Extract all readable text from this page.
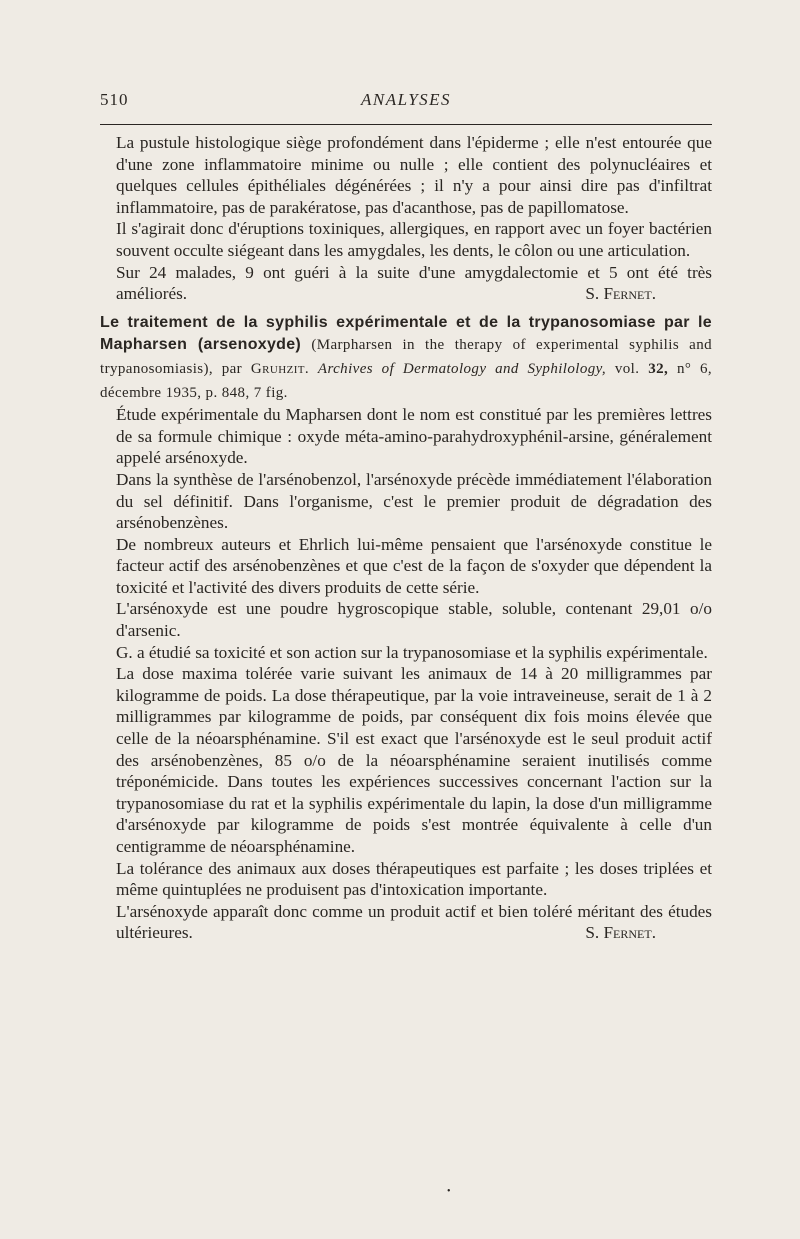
510	ANALYSES

La pustule histologique siège profondément dans l'épiderme ; elle n'est entourée que d'une zone inflammatoire minime ou nulle ; elle contient des polynucléaires et quelques cellules épithéliales dégénérées ; il n'y a pour ainsi dire pas d'infiltrat inflammatoire, pas de parakératose, pas d'acanthose, pas de papillomatose.

Il s'agirait donc d'éruptions toxiniques, allergiques, en rapport avec un foyer bactérien souvent occulte siégeant dans les amygdales, les dents, le côlon ou une articulation.

Sur 24 malades, 9 ont guéri à la suite d'une amygdalectomie et 5 ont été très améliorés.	S. Fernet.

Le traitement de la syphilis expérimentale et de la trypanosomiase par le Mapharsen (arsenoxyde) (Marpharsen in the therapy of experimental syphilis and trypanosomiasis), par Gruhzit. Archives of Dermatology and Syphilology, vol. 32, n° 6, décembre 1935, p. 848, 7 fig.

Étude expérimentale du Mapharsen dont le nom est constitué par les premières lettres de sa formule chimique : oxyde méta-amino-parahydroxyphénil-arsine, généralement appelé arsénoxyde.

Dans la synthèse de l'arsénobenzol, l'arsénoxyde précède immédiatement l'élaboration du sel définitif. Dans l'organisme, c'est le premier produit de dégradation des arsénobenzènes.

De nombreux auteurs et Ehrlich lui-même pensaient que l'arsénoxyde constitue le facteur actif des arsénobenzènes et que c'est de la façon de s'oxyder que dépendent la toxicité et l'activité des divers produits de cette série.

L'arsénoxyde est une poudre hygroscopique stable, soluble, contenant 29,01 o/o d'arsenic.

G. a étudié sa toxicité et son action sur la trypanosomiase et la syphilis expérimentale.

La dose maxima tolérée varie suivant les animaux de 14 à 20 milligrammes par kilogramme de poids. La dose thérapeutique, par la voie intraveineuse, serait de 1 à 2 milligrammes par kilogramme de poids, par conséquent dix fois moins élevée que celle de la néoarsphénamine. S'il est exact que l'arsénoxyde est le seul produit actif des arsénobenzènes, 85 o/o de la néoarsphénamine seraient inutilisés comme tréponémicide. Dans toutes les expériences successives concernant l'action sur la trypanosomiase du rat et la syphilis expérimentale du lapin, la dose d'un milligramme d'arsénoxyde par kilogramme de poids s'est montrée équivalente à celle d'un centigramme de néoarsphénamine.

La tolérance des animaux aux doses thérapeutiques est parfaite ; les doses triplées et même quintuplées ne produisent pas d'intoxication importante.

L'arsénoxyde apparaît donc comme un produit actif et bien toléré méritant des études ultérieures.	S. Fernet.

•
